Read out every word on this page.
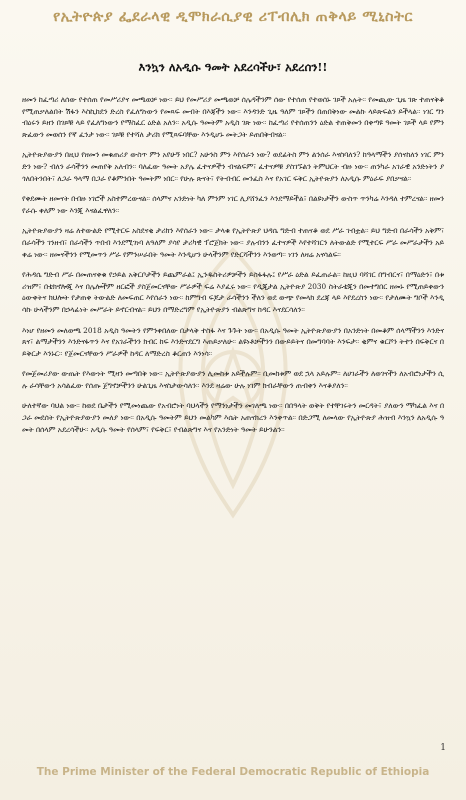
የኢትዮጵያ ፌደራላዊ ዲሞክራሲያዊ ሪፐብሊክ ጠቅላይ ሚኒስትር
እንኳን ለአዲሱ ዓመት አደረሳችሁ፣ አደረሰን!!

ዘመን ከፈጣሪ ለሰው የተሰጠ የመሥሪያና መጫወቻ ነው። ይህ የመሥሪያ መጫወቻ ሰሌዳችንም ሰው የተሰጠ የተወሰኑ ገጾች አሉት። የመጪው ጊዜ ገጽ ተጠናቅቆ የሚጠቃለልበት ሽፋን እስኪከደን ድረስ የፈለግነውን የመጻፍ መብት በእጃችን ነው። እንዳንድ ጊዜ ዓለም ገጾችን በጠበቅነው መልኩ ላይጽፍልን ይችላል። ነገር ግን ብዕሩን ይዘን በገጾቹ ላይ የፈለግነውን የማስፈር ዕድል አለን። አዲሱ ዓመትም አዲስ ገጽ ነው። ከፈጣሪ የተሰጠንን ዕድል ተጠቅመን በቀጣዩ ዓመት ገጾች ላይ የምንጽፈውን መወሰን የኛ ፈንታ ነው። ገጾቹ የተሻለ ታሪክ የሚጻፍባቸው እንዲሆኑ መትጋት ይጠበቅብናል።

ኢትዮጵያውያን በዚህ የዘመን መቁጠሪያ ውስጥ ምን አየሁኝ ነበር? አሁንስ ምን እየሰራን ነው? ወደፊትስ ምን ልንሰራ እናስባለን? ከዓላማችን ያሰናከለን ነገር ምንድን ነው? ብለን ራሳችንን መጠየቅ አለብን። ባለፈው ዓመት አያሌ ፈተናዎችን ብናልፍም፣ ፈተናዎቹ ያስገኙልን ትምህርት ብዙ ነው። ጠንካራ አገራዊ አንድነትን ያጎለበትንበት፣ ለጋራ ዓላማ በጋራ የቆምንበት ዓመትም ነበር። የሁሉ ጽናት፣ የትብብር መንፈስ እና የአገር ፍቅር ኢትዮጵያን ለአዲሱ ምዕራፍ ያበቃናል።

የቀደሙት ዘመናት በብዙ ነገሮች አስተምረውናል። ሰላምና አንድነት ካለ ምንም ነገር ሊያሸንፈን እንደማይችል፣ በልዩነታችን ውስጥ ጥንካሬ እንዳለ ተምረናል። ዘመን የራሱ ቀለም ነው እንጂ እናልፈዋለን።

ኢትዮጵያውያን ዛሬ ለተውልድ የሚተርፍ አስደናቂ ታሪክን እየሰራን ነው። ታላቁ የኢትዮጵያ ህዳሴ ግድብ ተጠናቆ ወደ ሥራ ገብቷል። ይህ ግድብ በራሳችን አቅም፣ በራሳችን ገንዘብ፣ በራሳችን ጥበብ እንደሚገነባ ለዓለም ያሳየ ታሪካዊ ፕሮጀክት ነው። ያሉብንን ፈተናዎች እየተሻገርን ለትውልድ የሚተርፍ ሥራ መሥራታችን አይቀሬ ነው። ዘመናችንን የሚመጥን ሥራ የምንሠራበት ዓመት እንዲሆን ሁላችንም የድርሻችንን እንወጣ። ነገን ለዛሬ አናሳልፍ።

የሕዳሴ ግድብ ሥራ በመጠናቀቁ የኃይል አቅርቦታችን ይጨምራል፤ ኢንዱስትሪዎቻችን ይስፋፋሉ፤ የሥራ ዕድል ይፈጠራል። ከዚህ ባሻገር በግብርና፣ በማዕድን፣ በቱሪዝም፣ በቴክኖሎጂ እና በሌሎችም ዘርፎች ያስጀመርናቸው ሥራዎች ፍሬ እያፈሩ ነው። የዲጂታል ኢትዮጵያ 2030 ስትራቴጂን በመተግበር ዘመኑ የሚጠይቀውን ዕውቀትና ክህሎት የታጠቀ ትውልድ ለመፍጠር እየሰራን ነው። ከምግብ ፍጆታ ራሳችንን ችለን ወደ ውጭ የመላክ ደረጃ ላይ እየደረስን ነው። የታለሙት ግቦች እንዲሳኩ ሁላችንም በኃላፊነት መሥራት ይኖርብናል። ይህን በማድረግም የኢትዮጵያን ብልጽግና ከዳር እናደርሳለን።

እነሆ የዘመን መለወጫ 2018 አዲስ ዓመትን የምንቀበለው በታላቅ ተስፋ እና ጉጉት ነው። በአዲሱ ዓመት ኢትዮጵያውያን በአንድነት በመቆም ሰላማችንን እንድናጸና፣ ልማታችንን እንድናፋጥን እና የአገራችንን ክብር ከፍ እንድናደርግ እጠይቃለሁ። ልዩነቶቻችንን በውይይትና በመግባባት እንፍታ። ቂምና ቁርሾን ትተን በፍቅርና በይቅርታ እንኑር። የጀመርናቸውን ሥራዎች ከዳር ለማድረስ ቆርጠን እንነሳ።

የመጀመሪያው ውጤት የእውነት ሚዛን መጣበቅ ነው። ኢትዮጵያውያን ሊመከቱ አይችሉም። ቢመከቱም ወደ ኋላ አይሉም። ለሀገራችን ለወገናችን ለአብሮነታችን ሲሉ ራሳቸውን አሳልፈው የሰጡ ጀግኖቻችንን ሁልጊዜ እናስታውሳለን። እንደ ዛሬው ሁሉ ነገም ክብራቸውን ጠብቀን እናቆያለን።

ሁለተኛው ባህል ነው። ከወደ ቤታችን የሚመነጨው የአብሮነት ባህላችን የማንነታችን መገለጫ ነው። በበዓላት ወቅት የተቸገሩትን መርዳት፣ ያለውን ማካፈል እና በጋራ መደሰት የኢትዮጵያውያን መለያ ነው። በአዲሱ ዓመትም ይህን መልካም እሴት አጠናክረን እንቀጥል። በድጋሚ ለመላው የኢትዮጵያ ሕዝብ እንኳን ለአዲሱ ዓመት በሰላም አደረሳችሁ። አዲሱ ዓመት የሰላም፣ የፍቅር፣ የብልጽግና እና የአንድነት ዓመት ይሁንልን።

1
The Prime Minister of the Federal Democratic Republic of Ethiopia
